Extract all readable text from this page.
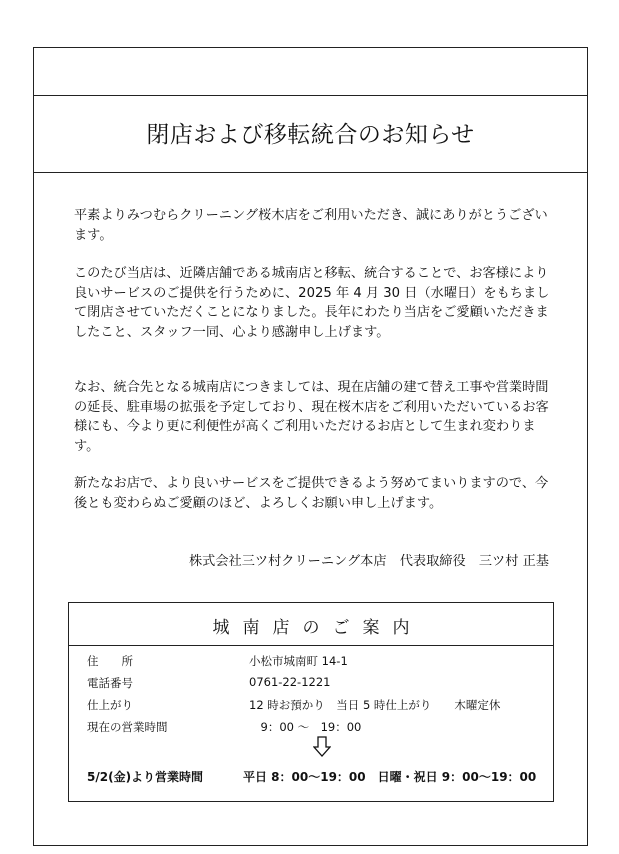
閉店および移転統合のお知らせ
平素よりみつむらクリーニング桜木店をご利用いただき、誠にありがとうございます。
このたび当店は、近隣店舗である城南店と移転、統合することで、お客様により良いサービスのご提供を行うために、2025 年 4 月 30 日（水曜日）をもちまして閉店させていただくことになりました。長年にわたり当店をご愛顧いただきましたこと、スタッフ一同、心より感謝申し上げます。
なお、統合先となる城南店につきましては、現在店舗の建て替え工事や営業時間の延長、駐車場の拡張を予定しており、現在桜木店をご利用いただいているお客様にも、今より更に利便性が高くご利用いただけるお店として生まれ変わります。
新たなお店で、より良いサービスをご提供できるよう努めてまいりますので、今後とも変わらぬご愛顧のほど、よろしくお願い申し上げます。
株式会社三ツ村クリーニング本店　代表取締役　三ツ村 正基
城南店のご案内
住　　所	小松市城南町 14-1
電話番号	0761-22-1221
仕上がり	12 時お預かり　当日 5 時仕上がり　　木曜定休
現在の営業時間	　9：00 〜　19：00
5/2(金)より営業時間	平日 8：00〜19：00　日曜・祝日 9：00〜19：00
